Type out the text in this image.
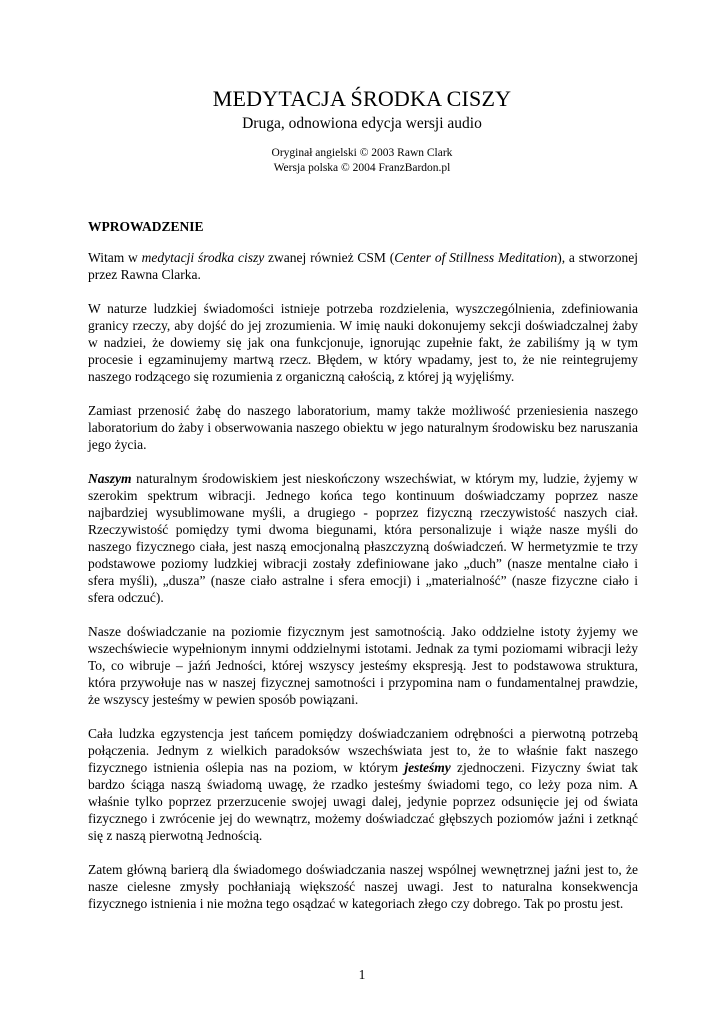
MEDYTACJA ŚRODKA CISZY
Druga, odnowiona edycja wersji audio
Oryginał angielski © 2003 Rawn Clark
Wersja polska © 2004 FranzBardon.pl
WPROWADZENIE

Witam w medytacji środka ciszy zwanej również CSM (Center of Stillness Meditation), a stworzonej przez Rawna Clarka.

W naturze ludzkiej świadomości istnieje potrzeba rozdzielenia, wyszczególnienia, zdefiniowania granicy rzeczy, aby dojść do jej zrozumienia. W imię nauki dokonujemy sekcji doświadczalnej żaby w nadziei, że dowiemy się jak ona funkcjonuje, ignorując zupełnie fakt, że zabiliśmy ją w tym procesie i egzaminujemy martwą rzecz. Błędem, w który wpadamy, jest to, że nie reintegrujemy naszego rodzącego się rozumienia z organiczną całością, z której ją wyjęliśmy.

Zamiast przenosić żabę do naszego laboratorium, mamy także możliwość przeniesienia naszego laboratorium do żaby i obserwowania naszego obiektu w jego naturalnym środowisku bez naruszania jego życia.

Naszym naturalnym środowiskiem jest nieskończony wszechświat, w którym my, ludzie, żyjemy w szerokim spektrum wibracji. Jednego końca tego kontinuum doświadczamy poprzez nasze najbardziej wysublimowane myśli, a drugiego - poprzez fizyczną rzeczywistość naszych ciał. Rzeczywistość pomiędzy tymi dwoma biegunami, która personalizuje i wiąże nasze myśli do naszego fizycznego ciała, jest naszą emocjonalną płaszczyzną doświadczeń. W hermetyzmie te trzy podstawowe poziomy ludzkiej wibracji zostały zdefiniowane jako „duch” (nasze mentalne ciało i sfera myśli), „dusza” (nasze ciało astralne i sfera emocji) i „materialność” (nasze fizyczne ciało i sfera odczuć).

Nasze doświadczanie na poziomie fizycznym jest samotnością. Jako oddzielne istoty żyjemy we wszechświecie wypełnionym innymi oddzielnymi istotami. Jednak za tymi poziomami wibracji leży To, co wibruje – jaźń Jedności, której wszyscy jesteśmy ekspresją. Jest to podstawowa struktura, która przywołuje nas w naszej fizycznej samotności i przypomina nam o fundamentalnej prawdzie, że wszyscy jesteśmy w pewien sposób powiązani.

Cała ludzka egzystencja jest tańcem pomiędzy doświadczaniem odrębności a pierwotną potrzebą połączenia. Jednym z wielkich paradoksów wszechświata jest to, że to właśnie fakt naszego fizycznego istnienia oślepia nas na poziom, w którym jesteśmy zjednoczeni. Fizyczny świat tak bardzo ściąga naszą świadomą uwagę, że rzadko jesteśmy świadomi tego, co leży poza nim. A właśnie tylko poprzez przerzucenie swojej uwagi dalej, jedynie poprzez odsunięcie jej od świata fizycznego i zwrócenie jej do wewnątrz, możemy doświadczać głębszych poziomów jaźni i zetknąć się z naszą pierwotną Jednością.

Zatem główną barierą dla świadomego doświadczania naszej wspólnej wewnętrznej jaźni jest to, że nasze cielesne zmysły pochłaniają większość naszej uwagi. Jest to naturalna konsekwencja fizycznego istnienia i nie można tego osądzać w kategoriach złego czy dobrego. Tak po prostu jest.

1
